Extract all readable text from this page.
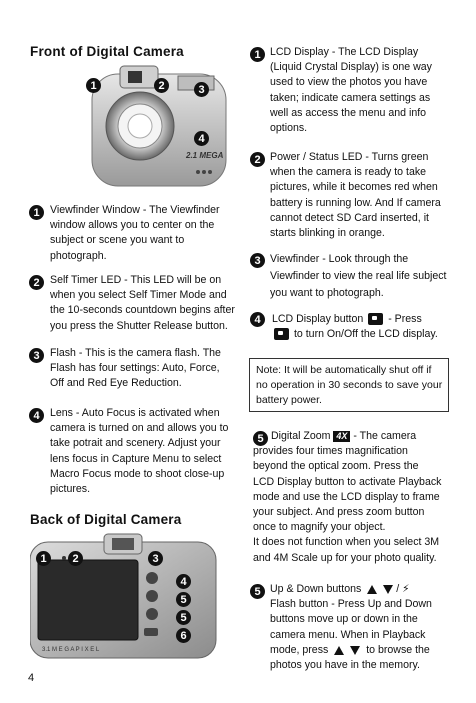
Front of Digital Camera
2.1 MEGA
1	2	3
4
1 Viewfinder Window - The Viewfinder
window allows you to center on the
subject or scene you want to
photograph.
2 Self Timer LED - This LED will be on
when you select Self Timer Mode and
the 10-seconds countdown begins after
you press the Shutter Release button.
3 Flash - This is the camera flash. The
Flash has four settings: Auto, Force,
Off and Red Eye Reduction.
4 Lens - Auto Focus is activated when
camera is turned on and allows you to
take potrait and scenery. Adjust your
lens focus in Capture Menu to select
Macro Focus mode to shoot close-up
pictures.
Back of Digital Camera
3.1 M E G A P I X E L
1	2	3
4
5
5
6
4
1 LCD Display - The LCD Display
(Liquid Crystal Display) is one way
used to view the photos you have
taken; indicate camera settings as
well as access the menu and info
options.
2 Power / Status LED - Turns green
when the camera is ready to take
pictures, while it becomes red when
battery is running low. And If camera
cannot detect SD Card inserted, it
starts blinking in orange.
3 Viewfinder - Look through the
Viewfinder to view the real life subject
you want to photograph.
4	LCD Display button - Press
to turn On/Off the LCD display.
Note: It will be automatically shut off if
no operation in 30 seconds to save your
battery power.
5 Digital Zoom 4X - The camera
provides four times magnification
beyond the optical zoom. Press the
LCD Display button to activate Playback
mode and use the LCD display to frame
your subject. And press zoom button
once to magnify your object.
It does not function when you select 3M
and 4M Scale up for your photo quality.
5 Up & Down buttons	/ ⚡
Flash button - Press Up and Down
buttons move up or down in the
camera menu. When in Playback
mode, press	to browse the
photos you have in the memory.
